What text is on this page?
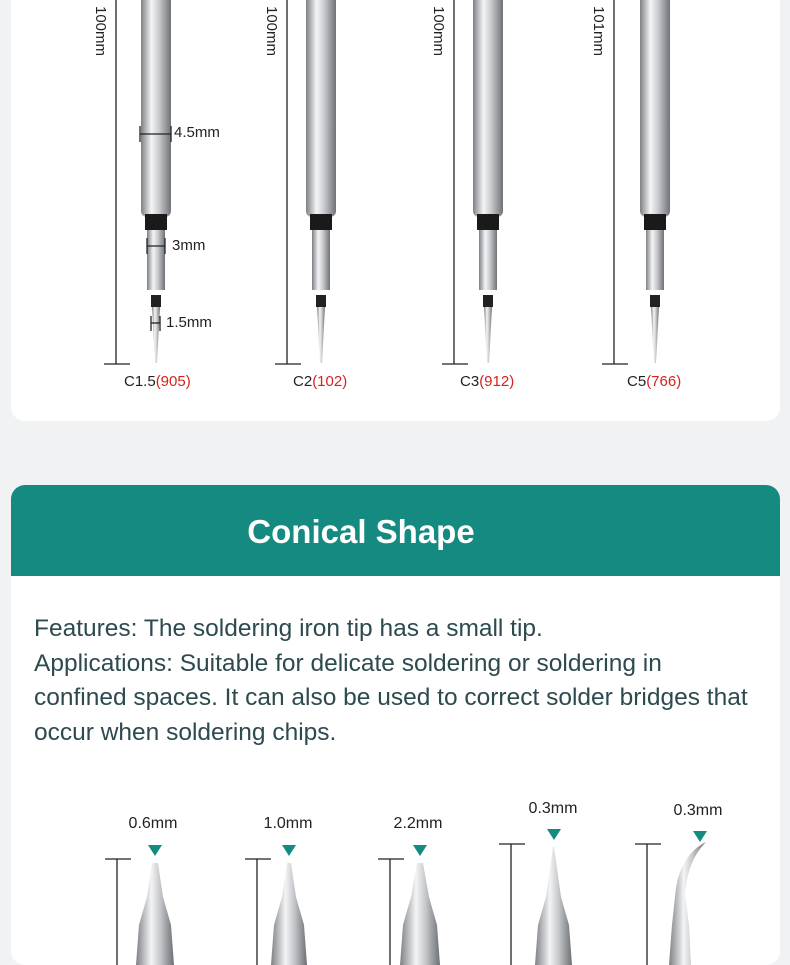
100mm	100mm	100mm	101mm
4.5mm
3mm
1.5mm
C1.5(905)	C2(102)	C3(912)	C5(766)
Conical Shape

Features: The soldering iron tip has a small tip.

Applications: Suitable for delicate soldering or soldering in confined spaces. It can also be used to correct solder bridges that occur when soldering chips.

0.6mm	1.0mm	2.2mm
0.3mm	0.3mm
